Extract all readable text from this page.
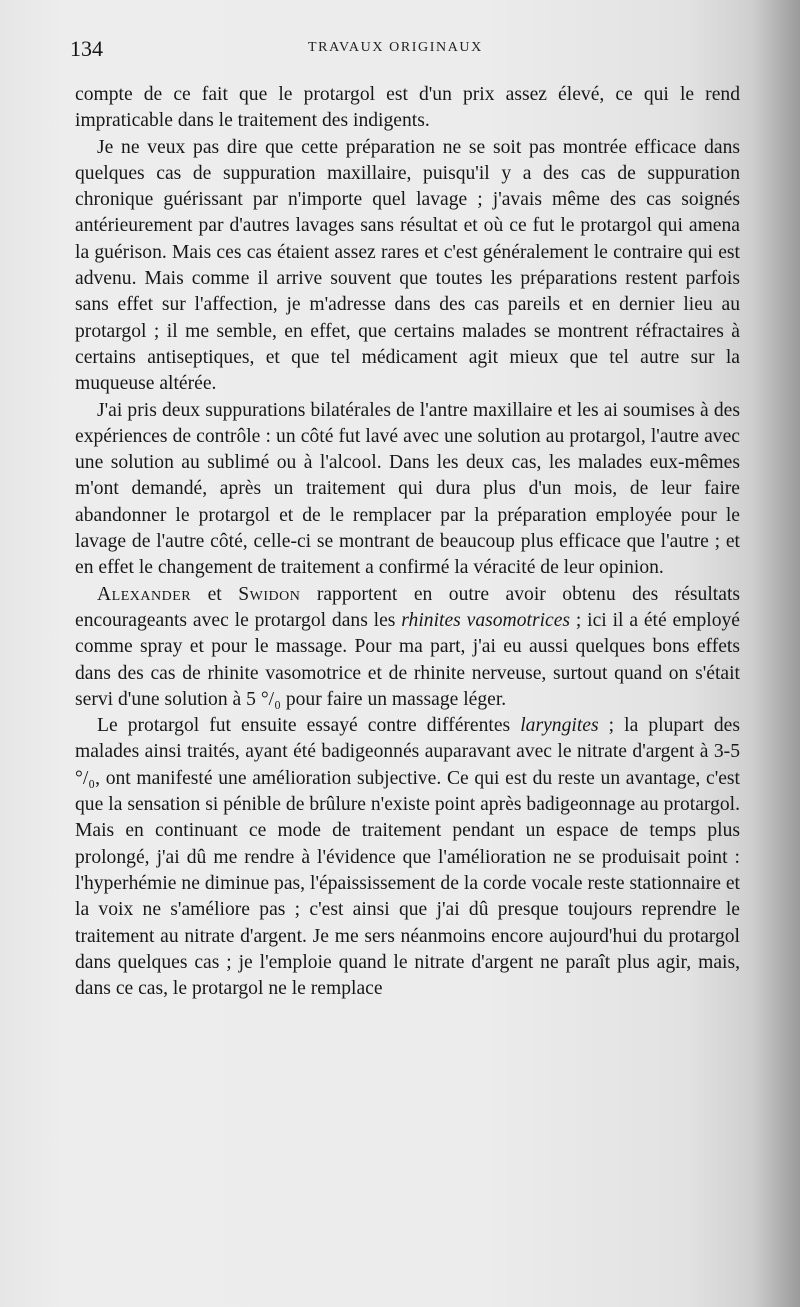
134	TRAVAUX ORIGINAUX

compte de ce fait que le protargol est d'un prix assez élevé, ce qui le rend impraticable dans le traitement des indigents.

Je ne veux pas dire que cette préparation ne se soit pas montrée efficace dans quelques cas de suppuration maxillaire, puisqu'il y a des cas de suppuration chronique guérissant par n'importe quel lavage ; j'avais même des cas soignés antérieurement par d'autres lavages sans résultat et où ce fut le protargol qui amena la guérison. Mais ces cas étaient assez rares et c'est généralement le contraire qui est advenu. Mais comme il arrive souvent que toutes les préparations restent parfois sans effet sur l'affection, je m'adresse dans des cas pareils et en dernier lieu au protargol ; il me semble, en effet, que certains malades se montrent réfractaires à certains antiseptiques, et que tel médicament agit mieux que tel autre sur la muqueuse altérée.

J'ai pris deux suppurations bilatérales de l'antre maxillaire et les ai soumises à des expériences de contrôle : un côté fut lavé avec une solution au protargol, l'autre avec une solution au sublimé ou à l'alcool. Dans les deux cas, les malades eux-mêmes m'ont demandé, après un traitement qui dura plus d'un mois, de leur faire abandonner le protargol et de le remplacer par la préparation employée pour le lavage de l'autre côté, celle-ci se montrant de beaucoup plus efficace que l'autre ; et en effet le changement de traitement a confirmé la véracité de leur opinion.

Alexander et Swidon rapportent en outre avoir obtenu des résultats encourageants avec le protargol dans les rhinites vasomotrices ; ici il a été employé comme spray et pour le massage. Pour ma part, j'ai eu aussi quelques bons effets dans des cas de rhinite vasomotrice et de rhinite nerveuse, surtout quand on s'était servi d'une solution à 5 °/₀ pour faire un massage léger.

Le protargol fut ensuite essayé contre différentes laryngites ; la plupart des malades ainsi traités, ayant été badigeonnés auparavant avec le nitrate d'argent à 3-5 °/₀, ont manifesté une amélioration subjective. Ce qui est du reste un avantage, c'est que la sensation si pénible de brûlure n'existe point après badigeonnage au protargol. Mais en continuant ce mode de traitement pendant un espace de temps plus prolongé, j'ai dû me rendre à l'évidence que l'amélioration ne se produisait point : l'hyperhémie ne diminue pas, l'épaississement de la corde vocale reste stationnaire et la voix ne s'améliore pas ; c'est ainsi que j'ai dû presque toujours reprendre le traitement au nitrate d'argent. Je me sers néanmoins encore aujourd'hui du protargol dans quelques cas ; je l'emploie quand le nitrate d'argent ne paraît plus agir, mais, dans ce cas, le protargol ne le remplace
